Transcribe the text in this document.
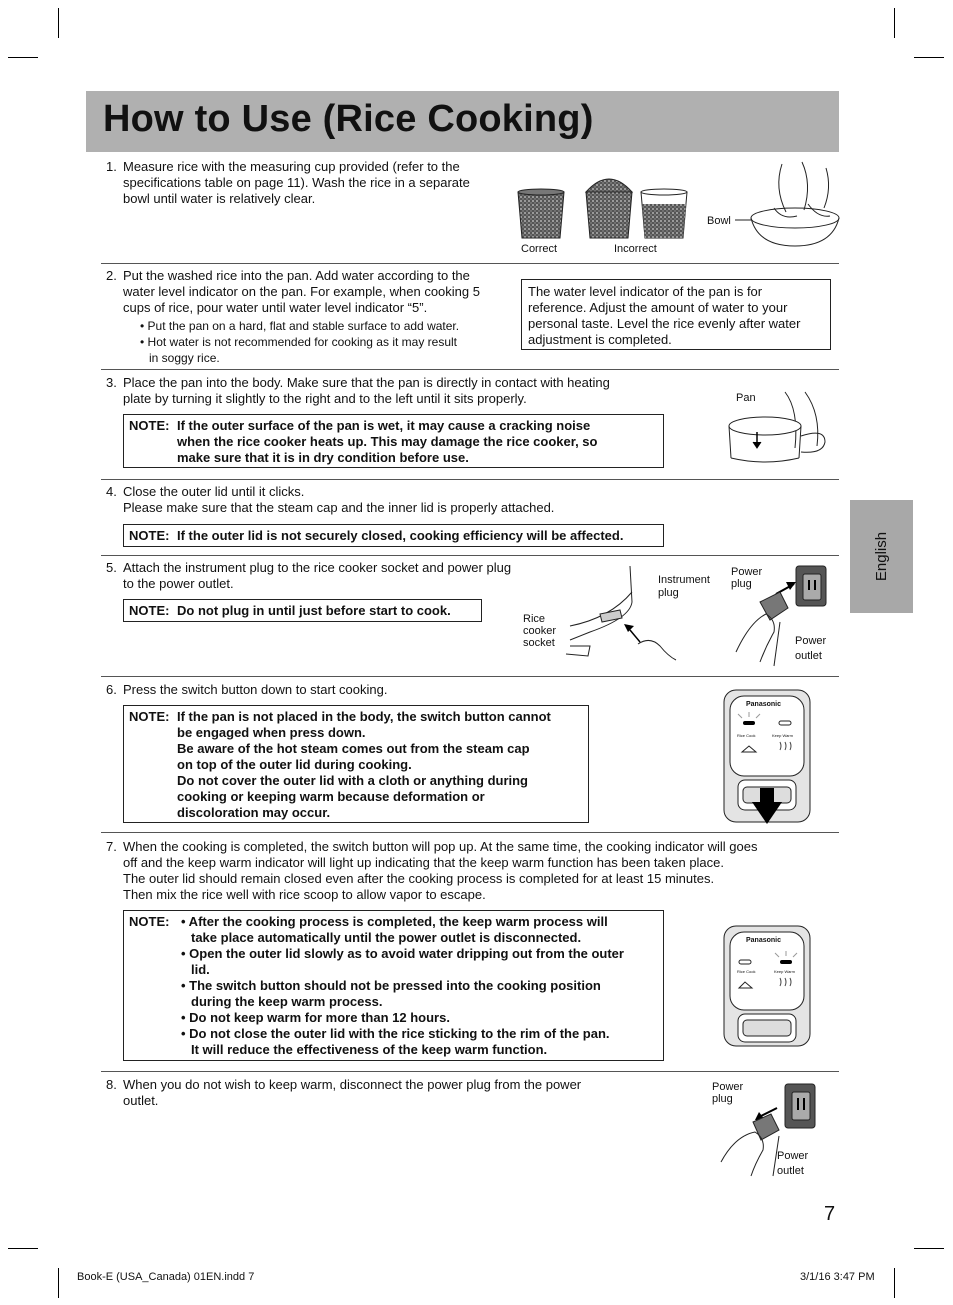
How to Use (Rice Cooking)
English
1. Measure rice with the measuring cup provided (refer to the

specifications table on page 11). Wash the rice in a separate

bowl until water is relatively clear.

Correct	Incorrect
Bowl
2. Put the washed rice into the pan. Add water according to the

water level indicator on the pan. For example, when cooking 5

cups of rice, pour water until water level indicator “5”.

• Put the pan on a hard, flat and stable surface to add water.

• Hot water is not recommended for cooking as it may result

in soggy rice.

The water level indicator of the pan is for
reference. Adjust the amount of water to your
personal taste. Level the rice evenly after water
adjustment is completed.
3. Place the pan into the body. Make sure that the pan is directly in contact with heating

plate by turning it slightly to the right and to the left until it sits properly.

NOTE: If the outer surface of the pan is wet, it may cause a cracking noise
when the rice cooker heats up. This may damage the rice cooker, so
make sure that it is in dry condition before use.
Pan
4. Close the outer lid until it clicks.

Please make sure that the steam cap and the inner lid is properly attached.

NOTE: If the outer lid is not securely closed, cooking efficiency will be affected.
5. Attach the instrument plug to the rice cooker socket and power plug

to the power outlet.

NOTE: Do not plug in until just before start to cook.
Instrument
plug
Power
plug
Rice
cooker
socket	Power
outlet
6. Press the switch button down to start cooking.

NOTE: If the pan is not placed in the body, the switch button cannot
be engaged when press down.
Be aware of the hot steam comes out from the steam cap
on top of the outer lid during cooking.
Do not cover the outer lid with a cloth or anything during
cooking or keeping warm because deformation or
discoloration may occur.
Panasonic
Rice Cook	Keep Warm
7. When the cooking is completed, the switch button will pop up. At the same time, the cooking indicator will goes

off and the keep warm indicator will light up indicating that the keep warm function has been taken place.

The outer lid should remain closed even after the cooking process is completed for at least 15 minutes.

Then mix the rice well with rice scoop to allow vapor to escape.

NOTE: • After the cooking process is completed, the keep warm process will
take place automatically until the power outlet is disconnected.
• Open the outer lid slowly as to avoid water dripping out from the outer
lid.
• The switch button should not be pressed into the cooking position
during the keep warm process.
• Do not keep warm for more than 12 hours.
• Do not close the outer lid with the rice sticking to the rim of the pan.
It will reduce the effectiveness of the keep warm function.
Panasonic
Rice Cook	Keep Warm
8. When you do not wish to keep warm, disconnect the power plug from the power

outlet.

Power
plug
Power
outlet
7
Book-E (USA_Canada) 01EN.indd 7	3/1/16 3:47 PM
